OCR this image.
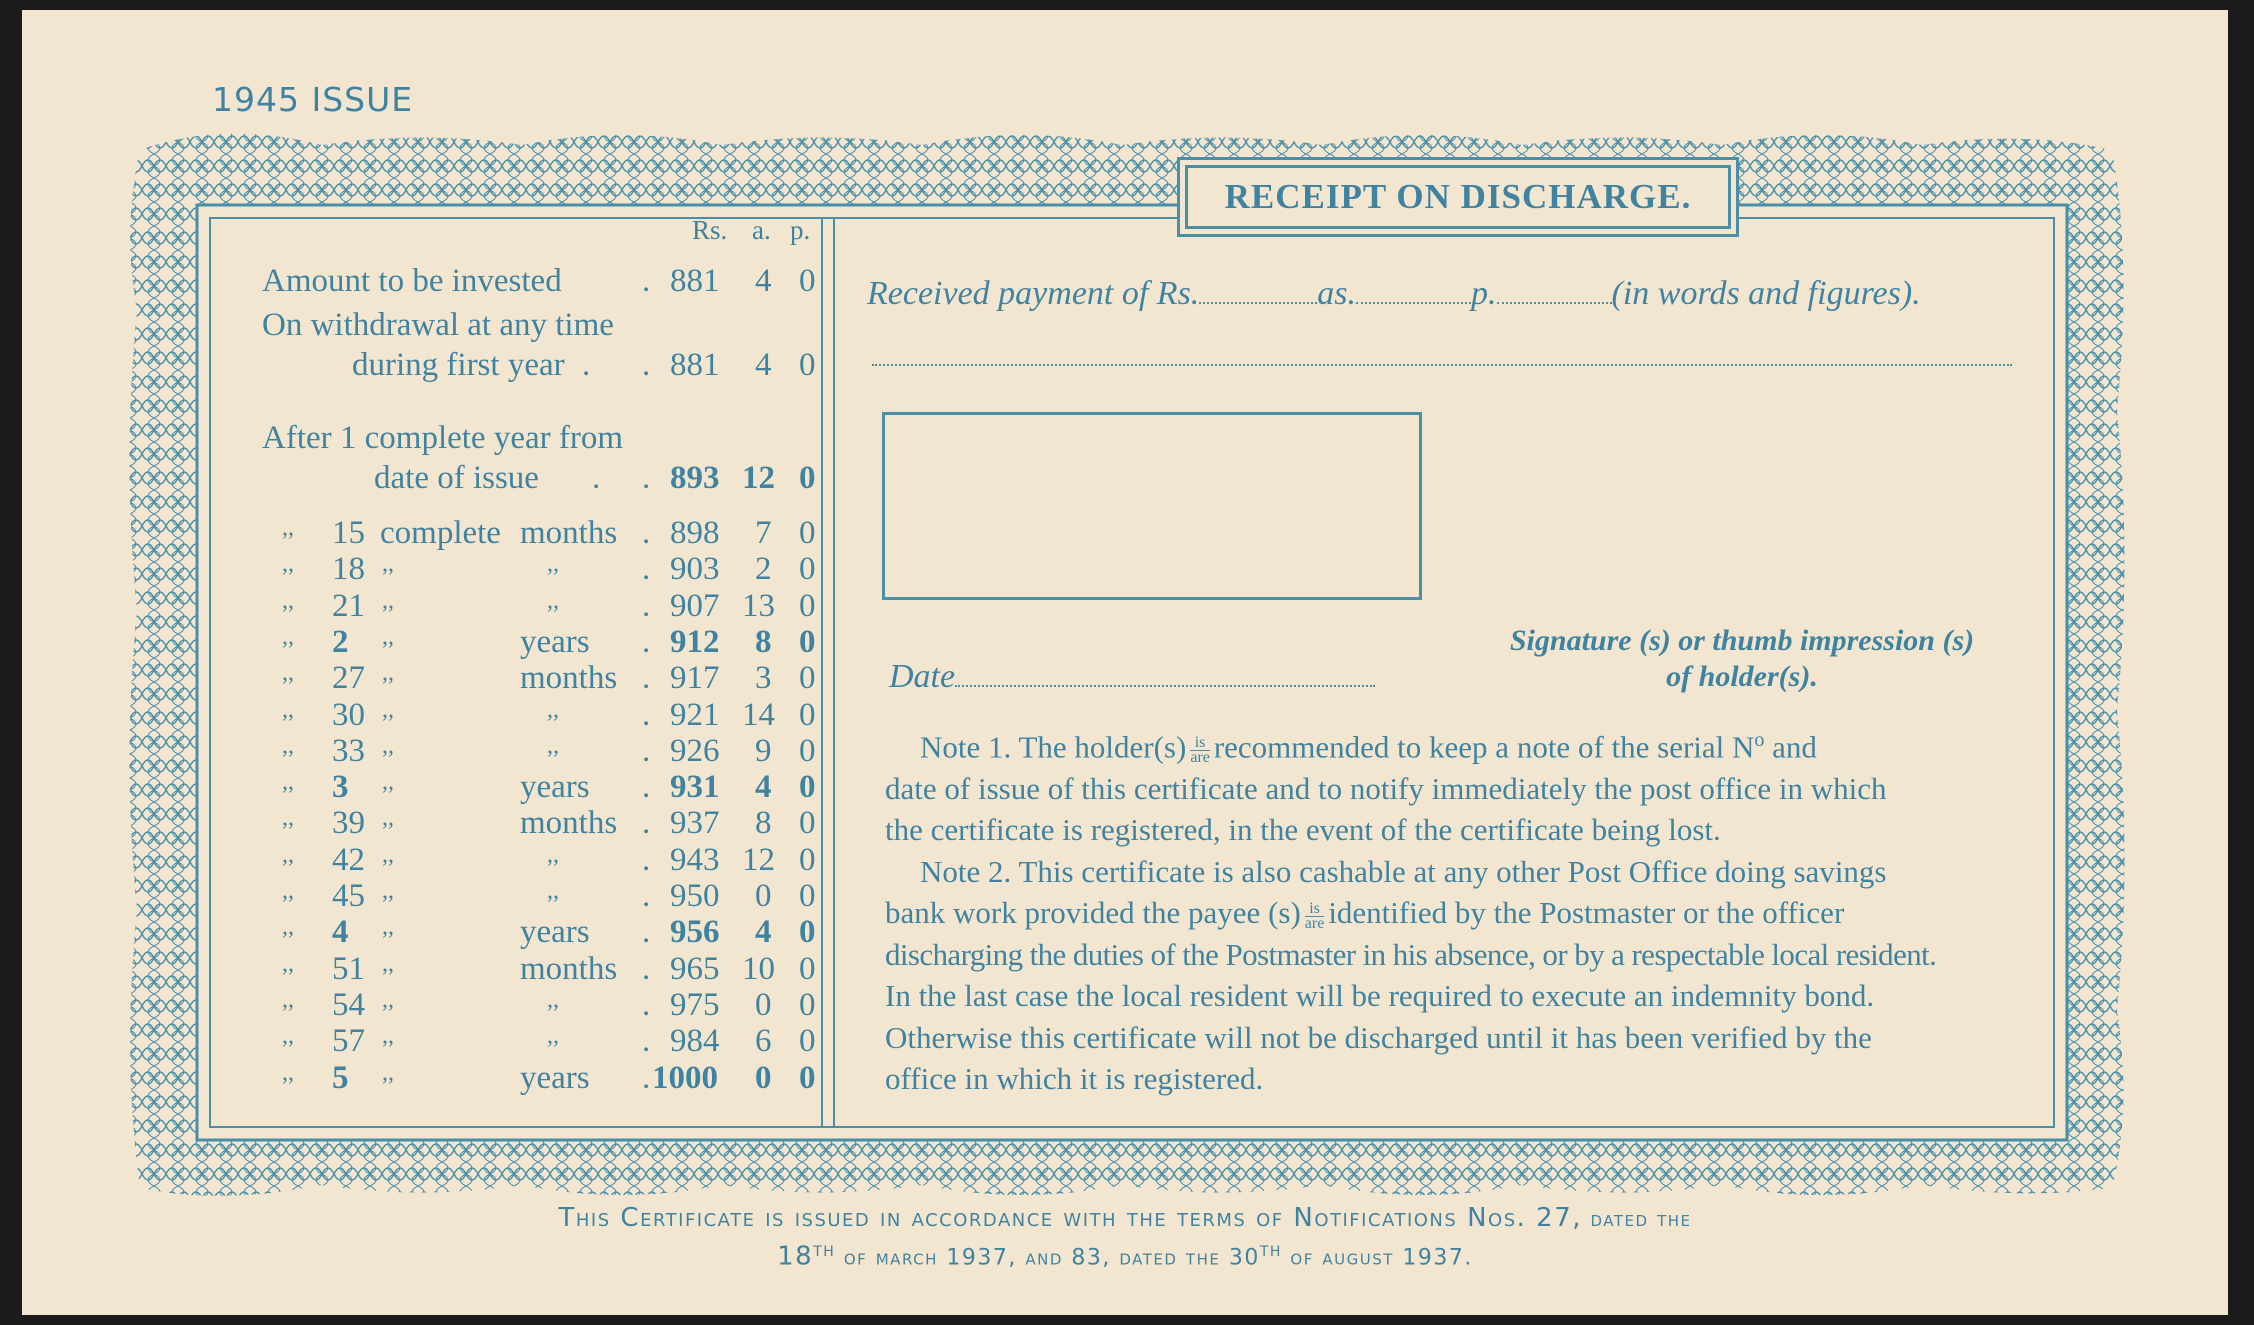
1945 ISSUE
RECEIPT ON DISCHARGE.
Rs. a. p.
Amount to be invested . 881 4 0
On withdrawal at any time
during first year . . 881 4 0
After 1 complete year from
date of issue . . 893 12 0
,, 15 complete months . 898 7 0
,, 18 ,,	,,	. 903 2 0
,, 21 ,,	,,	. 907 13 0
,, 2 ,,	years . 912 8 0
,, 27 ,,	months . 917 3 0
,, 30 ,,	,,	. 921 14 0
,, 33 ,,	,,	. 926 9 0
,, 3 ,,	years . 931 4 0
,, 39 ,,	months . 937 8 0
,, 42 ,,	,,	. 943 12 0
,, 45 ,,	,,	. 950 0 0
,, 4 ,,	years . 956 4 0
,, 51 ,,	months . 965 10 0
,, 54 ,,	,,	. 975 0 0
,, 57 ,,	,,	. 984 6 0
,, 5 ,,	years . 1000 0 0
Received payment of Rs.	as.	p.	(in words and figures).
Signature (s) or thumb impression (s)
of holder(s).
Date

Note 1. The holder(s) $\frac{is}{\text{are}}$ recommended to keep a note of the serial $N^o$ and

date of issue of this certificate and to notify immediately the post office in which

the certificate is registered, in the event of the certificate being lost.

Note 2. This certificate is also cashable at any other Post Office doing savings

bank work provided the payee $(s) \frac{is}{\text{are}}$ identified by the Postmaster or the officer

discharging the duties of the Postmaster in his absence, or by a respectable local resident.

In the last case the local resident will be required to execute an indemnity bond.

Otherwise this certificate will not be discharged until it has been verified by the

office in which it is registered.

This Certificate is issued in accordance with the terms of Notifications Nos. 27, dated the
18TH of march 1937, and 83, dated the 30TH of august 1937.
